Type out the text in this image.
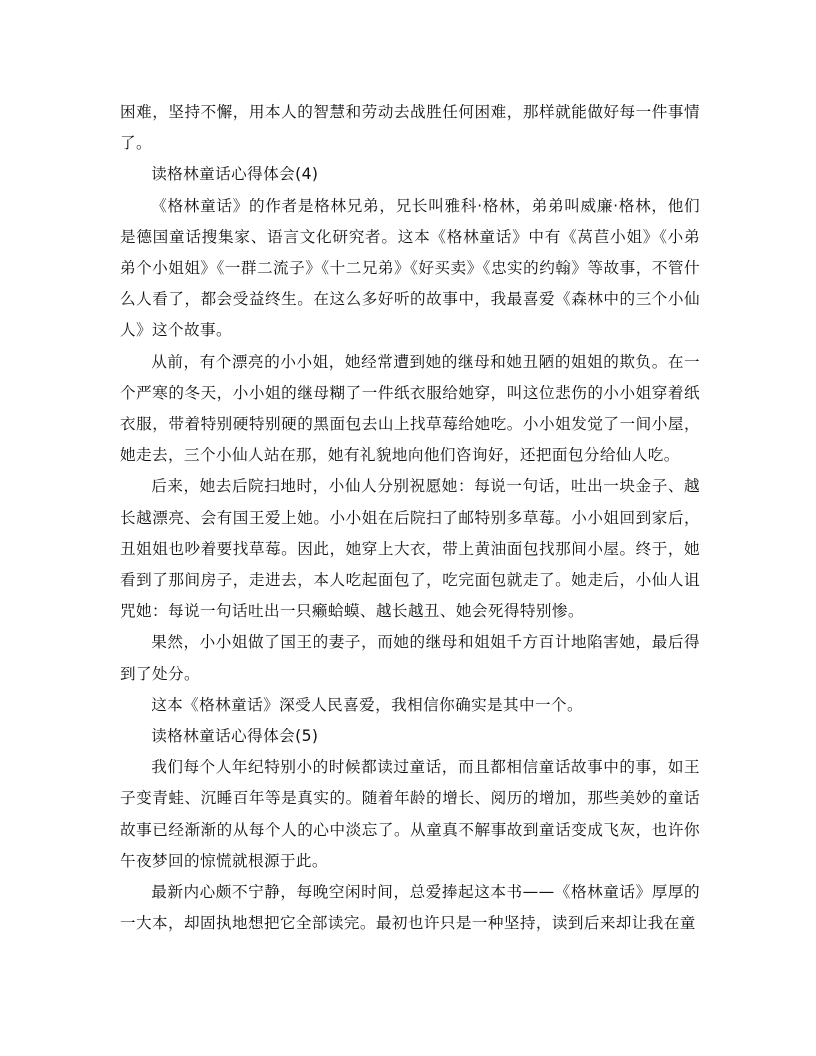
困难，坚持不懈，用本人的智慧和劳动去战胜任何困难，那样就能做好每一件事情了。

读格林童话心得体会(4)

《格林童话》的作者是格林兄弟，兄长叫雅科·格林，弟弟叫威廉·格林，他们是德国童话搜集家、语言文化研究者。这本《格林童话》中有《莴苣小姐》《小弟弟个小姐姐》《一群二流子》《十二兄弟》《好买卖》《忠实的约翰》等故事，不管什么人看了，都会受益终生。在这么多好听的故事中，我最喜爱《森林中的三个小仙人》这个故事。

从前，有个漂亮的小小姐，她经常遭到她的继母和她丑陋的姐姐的欺负。在一个严寒的冬天，小小姐的继母糊了一件纸衣服给她穿，叫这位悲伤的小小姐穿着纸衣服，带着特别硬特别硬的黑面包去山上找草莓给她吃。小小姐发觉了一间小屋，她走去，三个小仙人站在那，她有礼貌地向他们咨询好，还把面包分给仙人吃。

后来，她去后院扫地时，小仙人分别祝愿她：每说一句话，吐出一块金子、越长越漂亮、会有国王爱上她。小小姐在后院扫了邮特别多草莓。小小姐回到家后，丑姐姐也吵着要找草莓。因此，她穿上大衣，带上黄油面包找那间小屋。终于，她看到了那间房子，走进去，本人吃起面包了，吃完面包就走了。她走后，小仙人诅咒她：每说一句话吐出一只癞蛤蟆、越长越丑、她会死得特别惨。

果然，小小姐做了国王的妻子，而她的继母和姐姐千方百计地陷害她，最后得到了处分。

这本《格林童话》深受人民喜爱，我相信你确实是其中一个。

读格林童话心得体会(5)

我们每个人年纪特别小的时候都读过童话，而且都相信童话故事中的事，如王子变青蛙、沉睡百年等是真实的。随着年龄的增长、阅历的增加，那些美妙的童话故事已经渐渐的从每个人的心中淡忘了。从童真不解事故到童话变成飞灰，也许你午夜梦回的惊慌就根源于此。

最新内心颇不宁静，每晚空闲时间，总爱捧起这本书——《格林童话》厚厚的一大本，却固执地想把它全部读完。最初也许只是一种坚持，读到后来却让我在童
